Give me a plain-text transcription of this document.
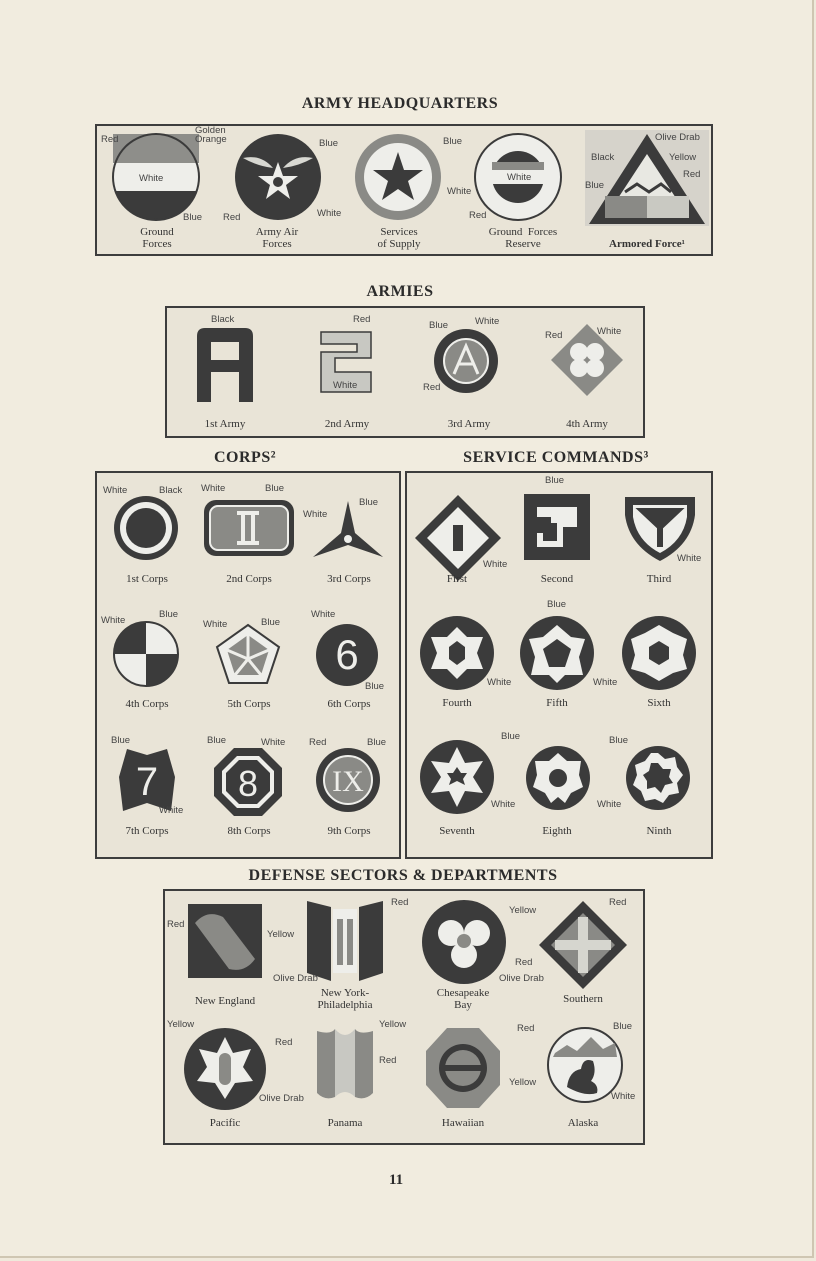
ARMY HEADQUARTERS
Red
White
Blue
Ground
Forces
Golden
Orange	Blue
Red	White
Army Air
Forces
Services
of Supply
Blue
White
White
Red
Ground  Forces
Reserve
Olive Drab
Black	Yellow
Red
Blue
Armored Force¹
ARMIES
Black
1st Army
Red
White
2nd Army
Blue	White
Red
3rd Army
Red	White
4th Army
CORPS²
White	Black
1st Corps
White	Blue
2nd Corps
White
Blue
3rd Corps
White
Blue
4th Corps
White	Blue
5th Corps
6
White
Blue
6th Corps
7
Blue
White
7th Corps
8
Blue	White
8th Corps
IX
Red	Blue
9th Corps
SERVICE COMMANDS³
First	Second	Third
Fourth	Fifth	Sixth
Seventh	Eighth	Ninth
Blue
White
White
Blue
White	White
Blue
White	White
Blue
DEFENSE SECTORS & DEPARTMENTS
New England
New York-
Philadelphia
Chesapeake
Bay	Southern
Pacific	Panama	Hawaiian	Alaska
Red
Yellow
Olive Drab
Red
Yellow
Red
Olive Drab
Red
Yellow
Red
Olive Drab
Yellow
Red
Red	Blue
Yellow
White
11
